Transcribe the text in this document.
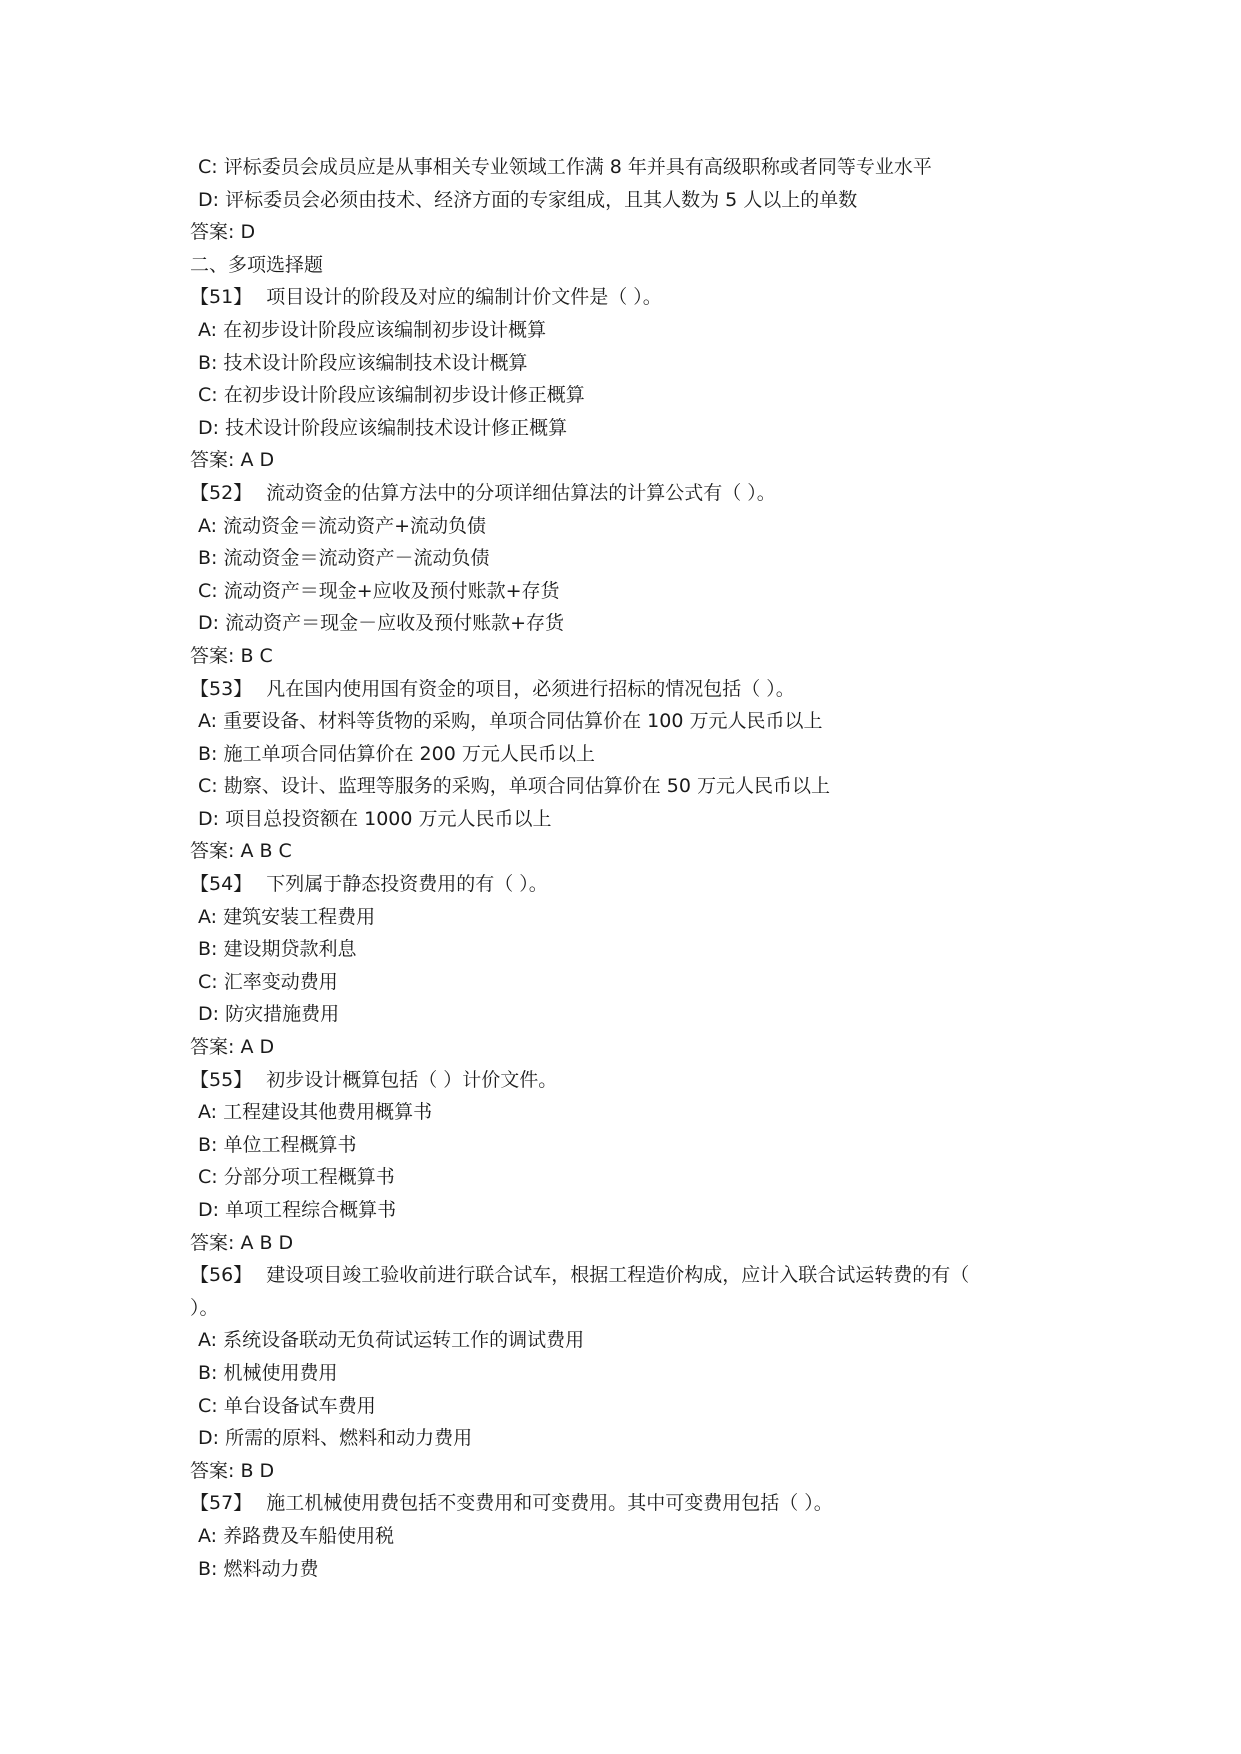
C: 评标委员会成员应是从事相关专业领域工作满 8 年并具有高级职称或者同等专业水平
D: 评标委员会必须由技术、经济方面的专家组成，且其人数为 5 人以上的单数
答案: D
二、多项选择题
【51】 项目设计的阶段及对应的编制计价文件是（ ）。
A: 在初步设计阶段应该编制初步设计概算
B: 技术设计阶段应该编制技术设计概算
C: 在初步设计阶段应该编制初步设计修正概算
D: 技术设计阶段应该编制技术设计修正概算
答案: A D
【52】 流动资金的估算方法中的分项详细估算法的计算公式有（ ）。
A: 流动资金＝流动资产+流动负债
B: 流动资金＝流动资产－流动负债
C: 流动资产＝现金+应收及预付账款+存货
D: 流动资产＝现金－应收及预付账款+存货
答案: B C
【53】 凡在国内使用国有资金的项目，必须进行招标的情况包括（ ）。
A: 重要设备、材料等货物的采购，单项合同估算价在 100 万元人民币以上
B: 施工单项合同估算价在 200 万元人民币以上
C: 勘察、设计、监理等服务的采购，单项合同估算价在 50 万元人民币以上
D: 项目总投资额在 1000 万元人民币以上
答案: A B C
【54】 下列属于静态投资费用的有（ ）。
A: 建筑安装工程费用
B: 建设期贷款利息
C: 汇率变动费用
D: 防灾措施费用
答案: A D
【55】 初步设计概算包括（ ）计价文件。
A: 工程建设其他费用概算书
B: 单位工程概算书
C: 分部分项工程概算书
D: 单项工程综合概算书
答案: A B D
【56】 建设项目竣工验收前进行联合试车，根据工程造价构成，应计入联合试运转费的有（ ）。
A: 系统设备联动无负荷试运转工作的调试费用
B: 机械使用费用
C: 单台设备试车费用
D: 所需的原料、燃料和动力费用
答案: B D
【57】 施工机械使用费包括不变费用和可变费用。其中可变费用包括（ ）。
A: 养路费及车船使用税
B: 燃料动力费
